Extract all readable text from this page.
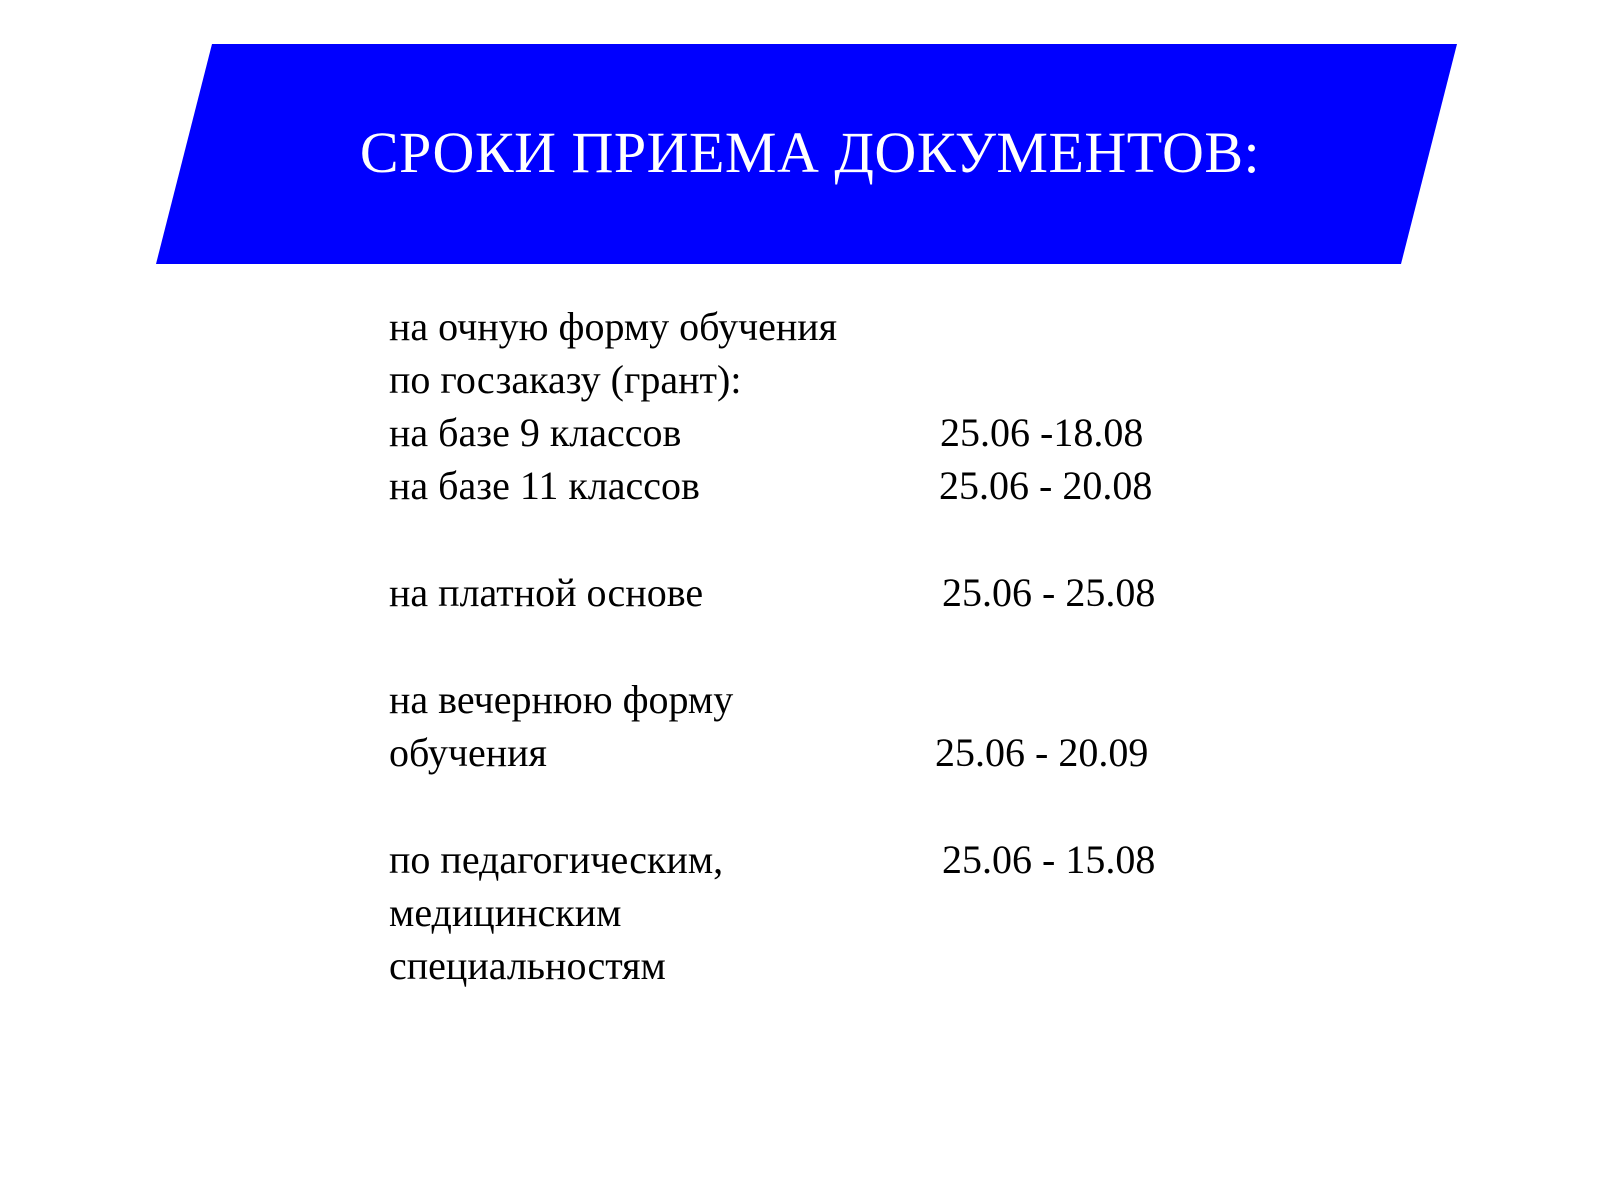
СРОКИ ПРИЕМА ДОКУМЕНТОВ:
на очную форму обучения
по госзаказу (грант):
на базе 9 классов	25.06 -18.08
на базе 11 классов	25.06 - 20.08
на платной основе	25.06 - 25.08
на вечернюю форму
обучения	25.06 - 20.09
по педагогическим,	25.06 - 15.08
медицинским
специальностям
